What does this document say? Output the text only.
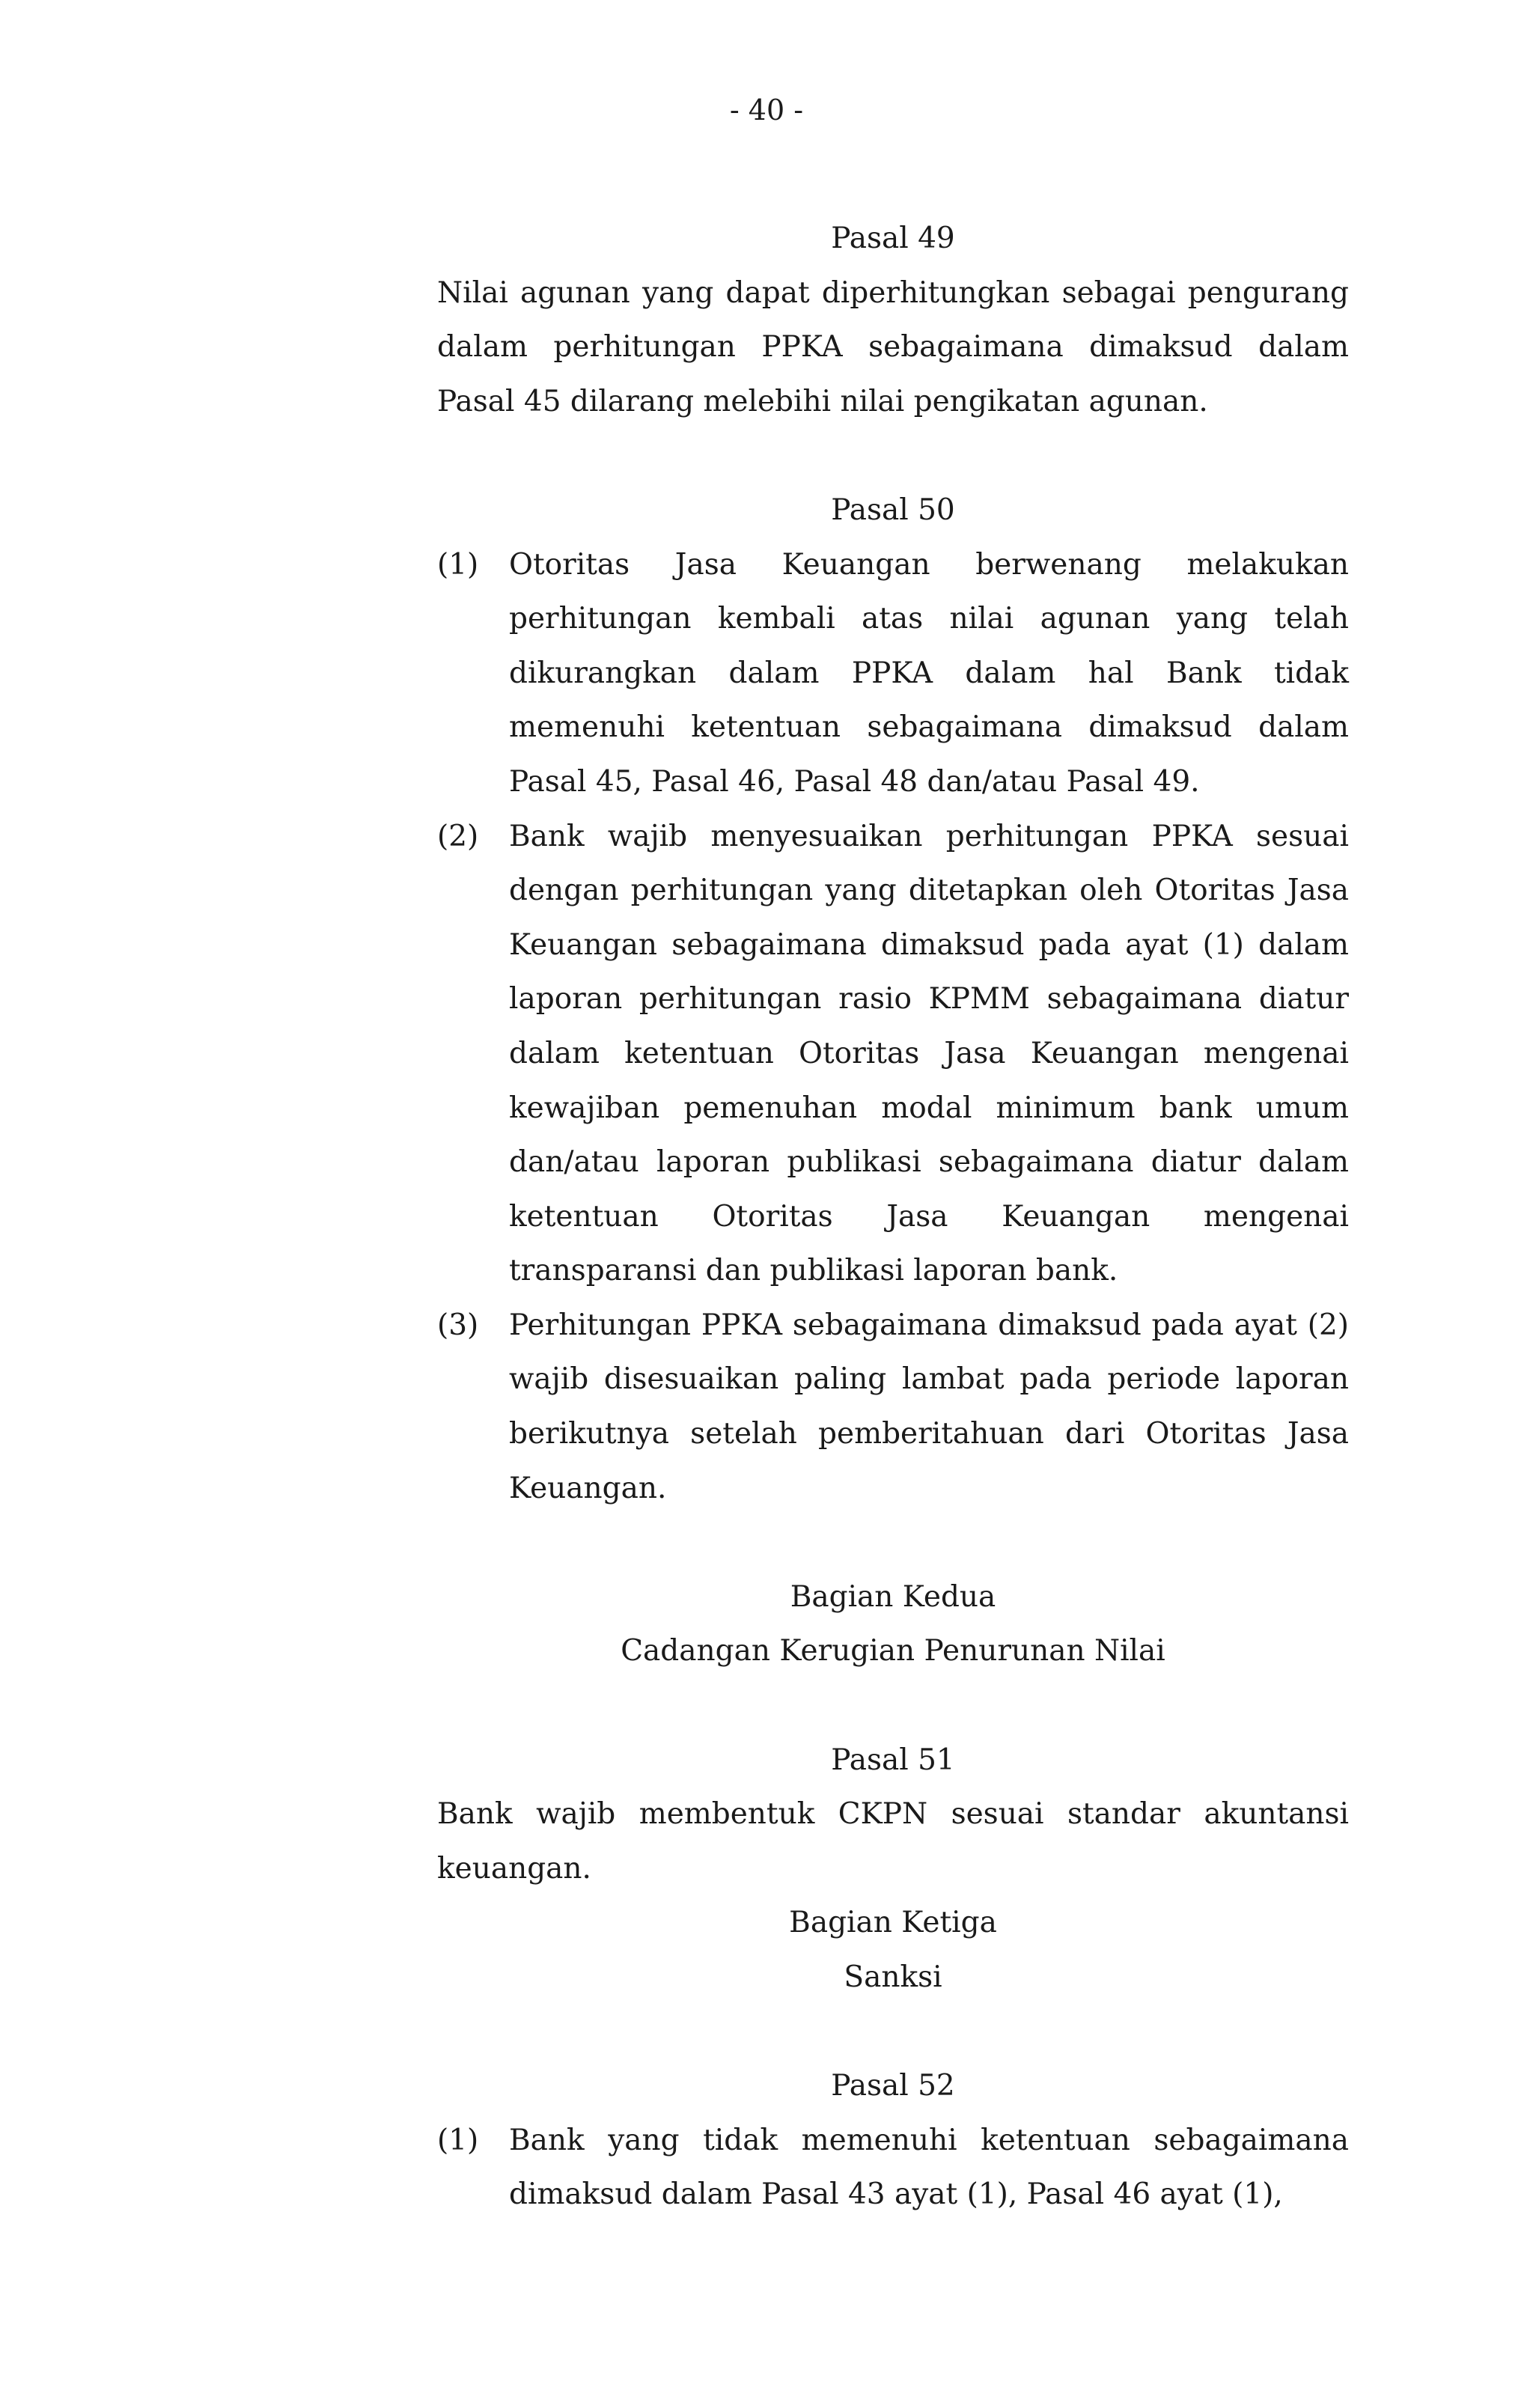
- 40 -
Pasal 49
Nilai agunan yang dapat diperhitungkan sebagai pengurang dalam perhitungan PPKA sebagaimana dimaksud dalam Pasal 45 dilarang melebihi nilai pengikatan agunan.
Pasal 50
(1)	Otoritas Jasa Keuangan berwenang melakukan perhitungan kembali atas nilai agunan yang telah dikurangkan dalam PPKA dalam hal Bank tidak memenuhi ketentuan sebagaimana dimaksud dalam Pasal 45, Pasal 46, Pasal 48 dan/atau Pasal 49.
(2)	Bank wajib menyesuaikan perhitungan PPKA sesuai dengan perhitungan yang ditetapkan oleh Otoritas Jasa Keuangan sebagaimana dimaksud pada ayat (1) dalam laporan perhitungan rasio KPMM sebagaimana diatur dalam ketentuan Otoritas Jasa Keuangan mengenai kewajiban pemenuhan modal minimum bank umum dan/atau laporan publikasi sebagaimana diatur dalam ketentuan Otoritas Jasa Keuangan mengenai transparansi dan publikasi laporan bank.
(3)	Perhitungan PPKA sebagaimana dimaksud pada ayat (2) wajib disesuaikan paling lambat pada periode laporan berikutnya setelah pemberitahuan dari Otoritas Jasa Keuangan.
Bagian Kedua
Cadangan Kerugian Penurunan Nilai
Pasal 51
Bank wajib membentuk CKPN sesuai standar akuntansi keuangan.
Bagian Ketiga
Sanksi
Pasal 52
(1)	Bank yang tidak memenuhi ketentuan sebagaimana dimaksud dalam Pasal 43 ayat (1), Pasal 46 ayat (1),
